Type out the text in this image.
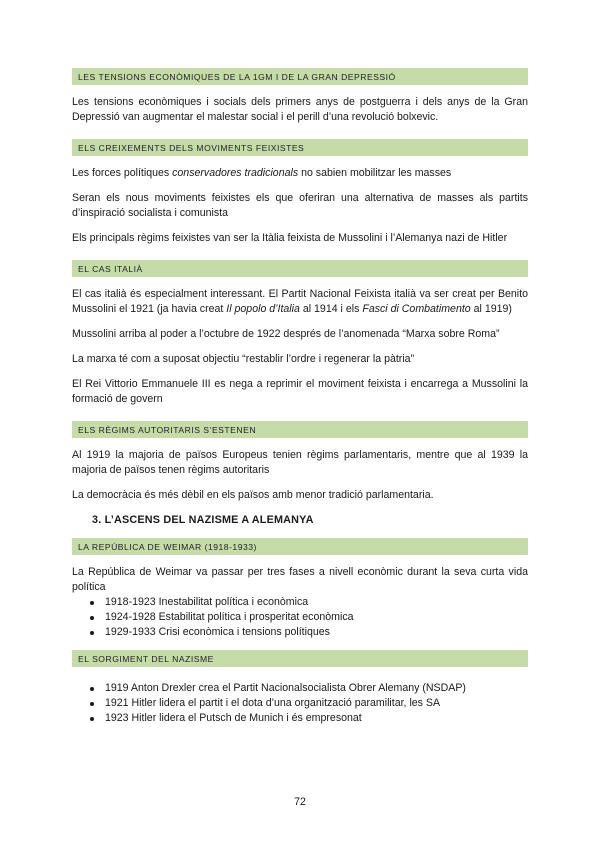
LES TENSIONS ECONÒMIQUES DE LA 1GM I DE LA GRAN DEPRESSIÓ

Les tensions econòmiques i socials dels primers anys de postguerra i dels anys de la Gran Depressió van augmentar el malestar social i el perill d’una revolució bolxevic.

ELS CREIXEMENTS DELS MOVIMENTS FEIXISTES

Les forces polítiques conservadores tradicionals no sabien mobilitzar les masses

Seran els nous moviments feixistes els que oferiran una alternativa de masses als partits d’inspiració socialista i comunista

Els principals règims feixistes van ser la Itàlia feixista de Mussolini i l’Alemanya nazi de Hitler

EL CAS ITALIÀ

El cas italià és especialment interessant. El Partit Nacional Feixista italià va ser creat per Benito Mussolini el 1921 (ja havia creat Il popolo d’Italia al 1914 i els Fasci di Combatimento al 1919)

Mussolini arriba al poder a l’octubre de 1922 després de l’anomenada “Marxa sobre Roma”

La marxa té com a suposat objectiu “restablir l’ordre i regenerar la pàtria”

El Rei Vittorio Emmanuele III es nega a reprimir el moviment feixista i encarrega a Mussolini la formació de govern

ELS RÈGIMS AUTORITARIS S’ESTENEN

Al 1919 la majoria de països Europeus tenien règims parlamentaris, mentre que al 1939 la majoria de països tenen règims autoritaris

La democràcia és més dèbil en els països amb menor tradició parlamentaria.

3. L’ASCENS DEL NAZISME A ALEMANYA
LA REPÚBLICA DE WEIMAR (1918-1933)

La República de Weimar va passar per tres fases a nivell econòmic durant la seva curta vida política

1918-1923 Inestabilitat política i econòmica
1924-1928 Estabilitat política i prosperitat econòmica
1929-1933 Crisi econòmica i tensions polítiques
EL SORGIMENT DEL NAZISME
1919 Anton Drexler crea el Partit Nacionalsocialista Obrer Alemany (NSDAP)
1921 Hitler lidera el partit i el dota d’una organització paramilitar, les SA
1923 Hitler lidera el Putsch de Munich i és empresonat
72
